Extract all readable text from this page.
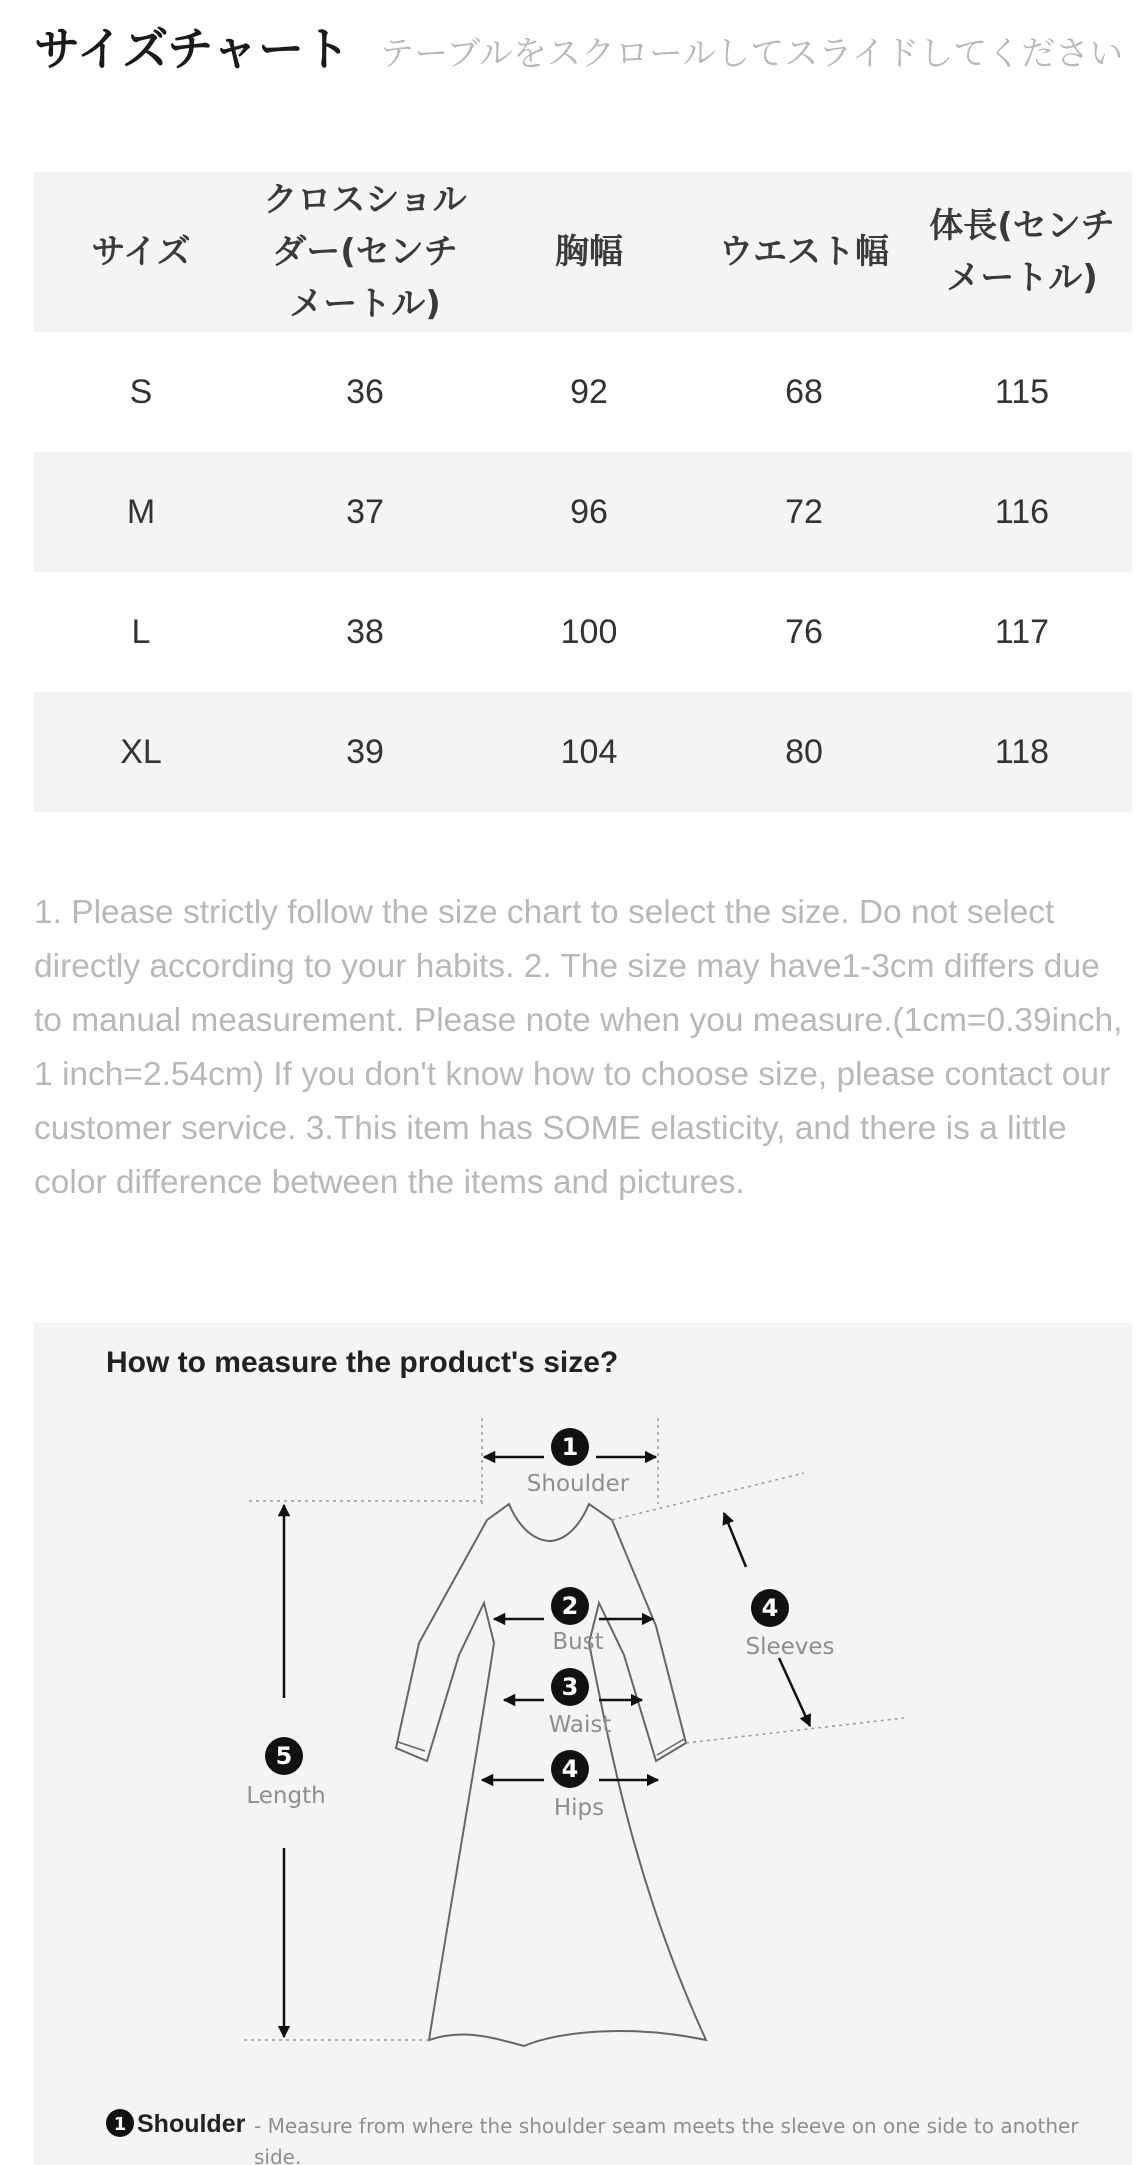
サイズチャート テーブルをスクロールしてスライドしてください
サイズ	クロスショルダー(センチメートル)	胸幅	ウエスト幅	体長(センチメートル)
S	36	92	68	115
M	37	96	72	116
L	38	100	76	117
XL	39	104	80	118
1. Please strictly follow the size chart to select the size. Do not select directly according to your habits. 2. The size may have1-3cm differs due to manual measurement. Please note when you measure.(1cm=0.39inch, 1 inch=2.54cm) If you don't know how to choose size, please contact our customer service. 3.This item has SOME elasticity, and there is a little color difference between the items and pictures.
How to measure the product's size?
1
2
3
4
4
5
Shoulder
Bust
Waist
Hips
Sleeves
Length
1 Shoulder - Measure from where the shoulder seam meets the sleeve on one side to another side.
